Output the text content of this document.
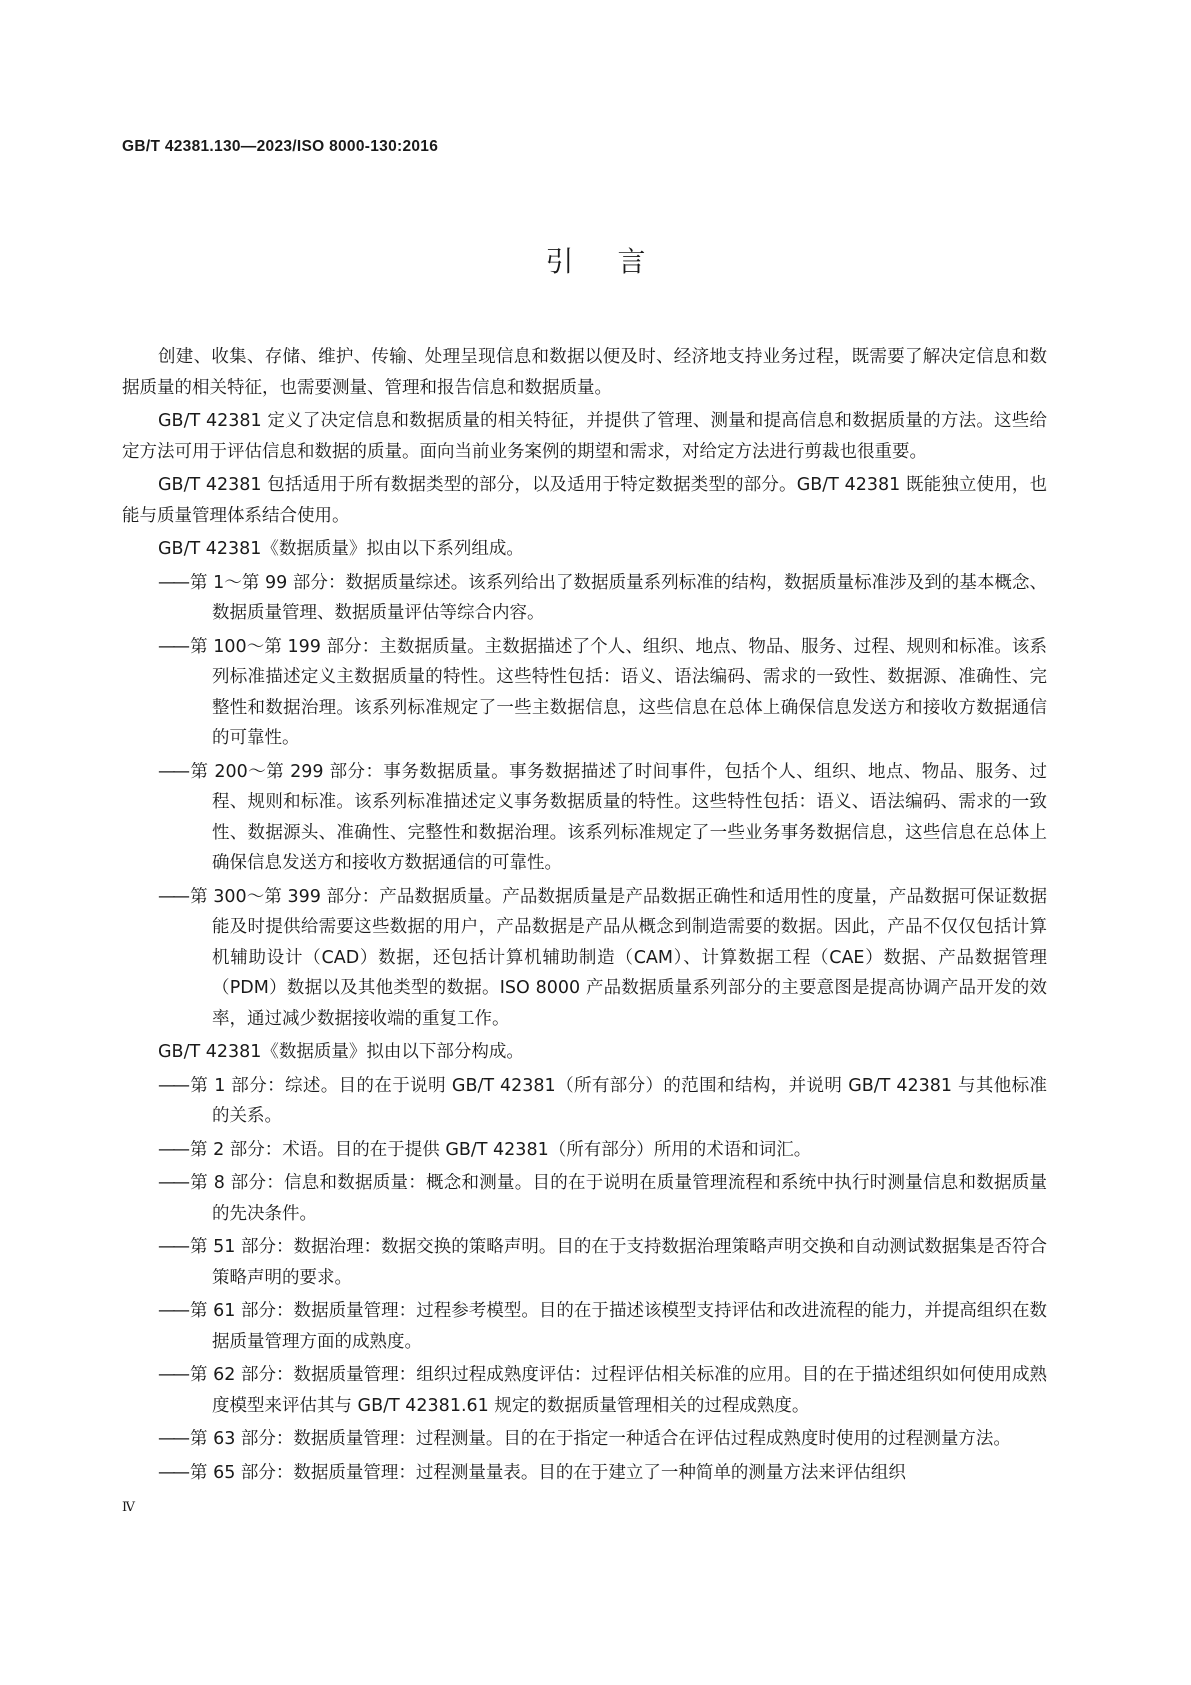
GB/T 42381.130—2023/ISO 8000-130:2016
引言

创建、收集、存储、维护、传输、处理呈现信息和数据以便及时、经济地支持业务过程，既需要了解决定信息和数据质量的相关特征，也需要测量、管理和报告信息和数据质量。

GB/T 42381 定义了决定信息和数据质量的相关特征，并提供了管理、测量和提高信息和数据质量的方法。这些给定方法可用于评估信息和数据的质量。面向当前业务案例的期望和需求，对给定方法进行剪裁也很重要。

GB/T 42381 包括适用于所有数据类型的部分，以及适用于特定数据类型的部分。GB/T 42381 既能独立使用，也能与质量管理体系结合使用。

GB/T 42381《数据质量》拟由以下系列组成。

—— 第 1～第 99 部分：数据质量综述。该系列给出了数据质量系列标准的结构，数据质量标准涉及到的基本概念、数据质量管理、数据质量评估等综合内容。

—— 第 100～第 199 部分：主数据质量。主数据描述了个人、组织、地点、物品、服务、过程、规则和标准。该系列标准描述定义主数据质量的特性。这些特性包括：语义、语法编码、需求的一致性、数据源、准确性、完整性和数据治理。该系列标准规定了一些主数据信息，这些信息在总体上确保信息发送方和接收方数据通信的可靠性。

—— 第 200～第 299 部分：事务数据质量。事务数据描述了时间事件，包括个人、组织、地点、物品、服务、过程、规则和标准。该系列标准描述定义事务数据质量的特性。这些特性包括：语义、语法编码、需求的一致性、数据源头、准确性、完整性和数据治理。该系列标准规定了一些业务事务数据信息，这些信息在总体上确保信息发送方和接收方数据通信的可靠性。

—— 第 300～第 399 部分：产品数据质量。产品数据质量是产品数据正确性和适用性的度量，产品数据可保证数据能及时提供给需要这些数据的用户，产品数据是产品从概念到制造需要的数据。因此，产品不仅仅包括计算机辅助设计（CAD）数据，还包括计算机辅助制造（CAM）、计算数据工程（CAE）数据、产品数据管理（PDM）数据以及其他类型的数据。ISO 8000 产品数据质量系列部分的主要意图是提高协调产品开发的效率，通过减少数据接收端的重复工作。

GB/T 42381《数据质量》拟由以下部分构成。

—— 第 1 部分：综述。目的在于说明 GB/T 42381（所有部分）的范围和结构，并说明 GB/T 42381 与其他标准的关系。

—— 第 2 部分：术语。目的在于提供 GB/T 42381（所有部分）所用的术语和词汇。

—— 第 8 部分：信息和数据质量：概念和测量。目的在于说明在质量管理流程和系统中执行时测量信息和数据质量的先决条件。

—— 第 51 部分：数据治理：数据交换的策略声明。目的在于支持数据治理策略声明交换和自动测试数据集是否符合策略声明的要求。

—— 第 61 部分：数据质量管理：过程参考模型。目的在于描述该模型支持评估和改进流程的能力，并提高组织在数据质量管理方面的成熟度。

—— 第 62 部分：数据质量管理：组织过程成熟度评估：过程评估相关标准的应用。目的在于描述组织如何使用成熟度模型来评估其与 GB/T 42381.61 规定的数据质量管理相关的过程成熟度。

—— 第 63 部分：数据质量管理：过程测量。目的在于指定一种适合在评估过程成熟度时使用的过程测量方法。

—— 第 65 部分：数据质量管理：过程测量量表。目的在于建立了一种简单的测量方法来评估组织

Ⅳ
